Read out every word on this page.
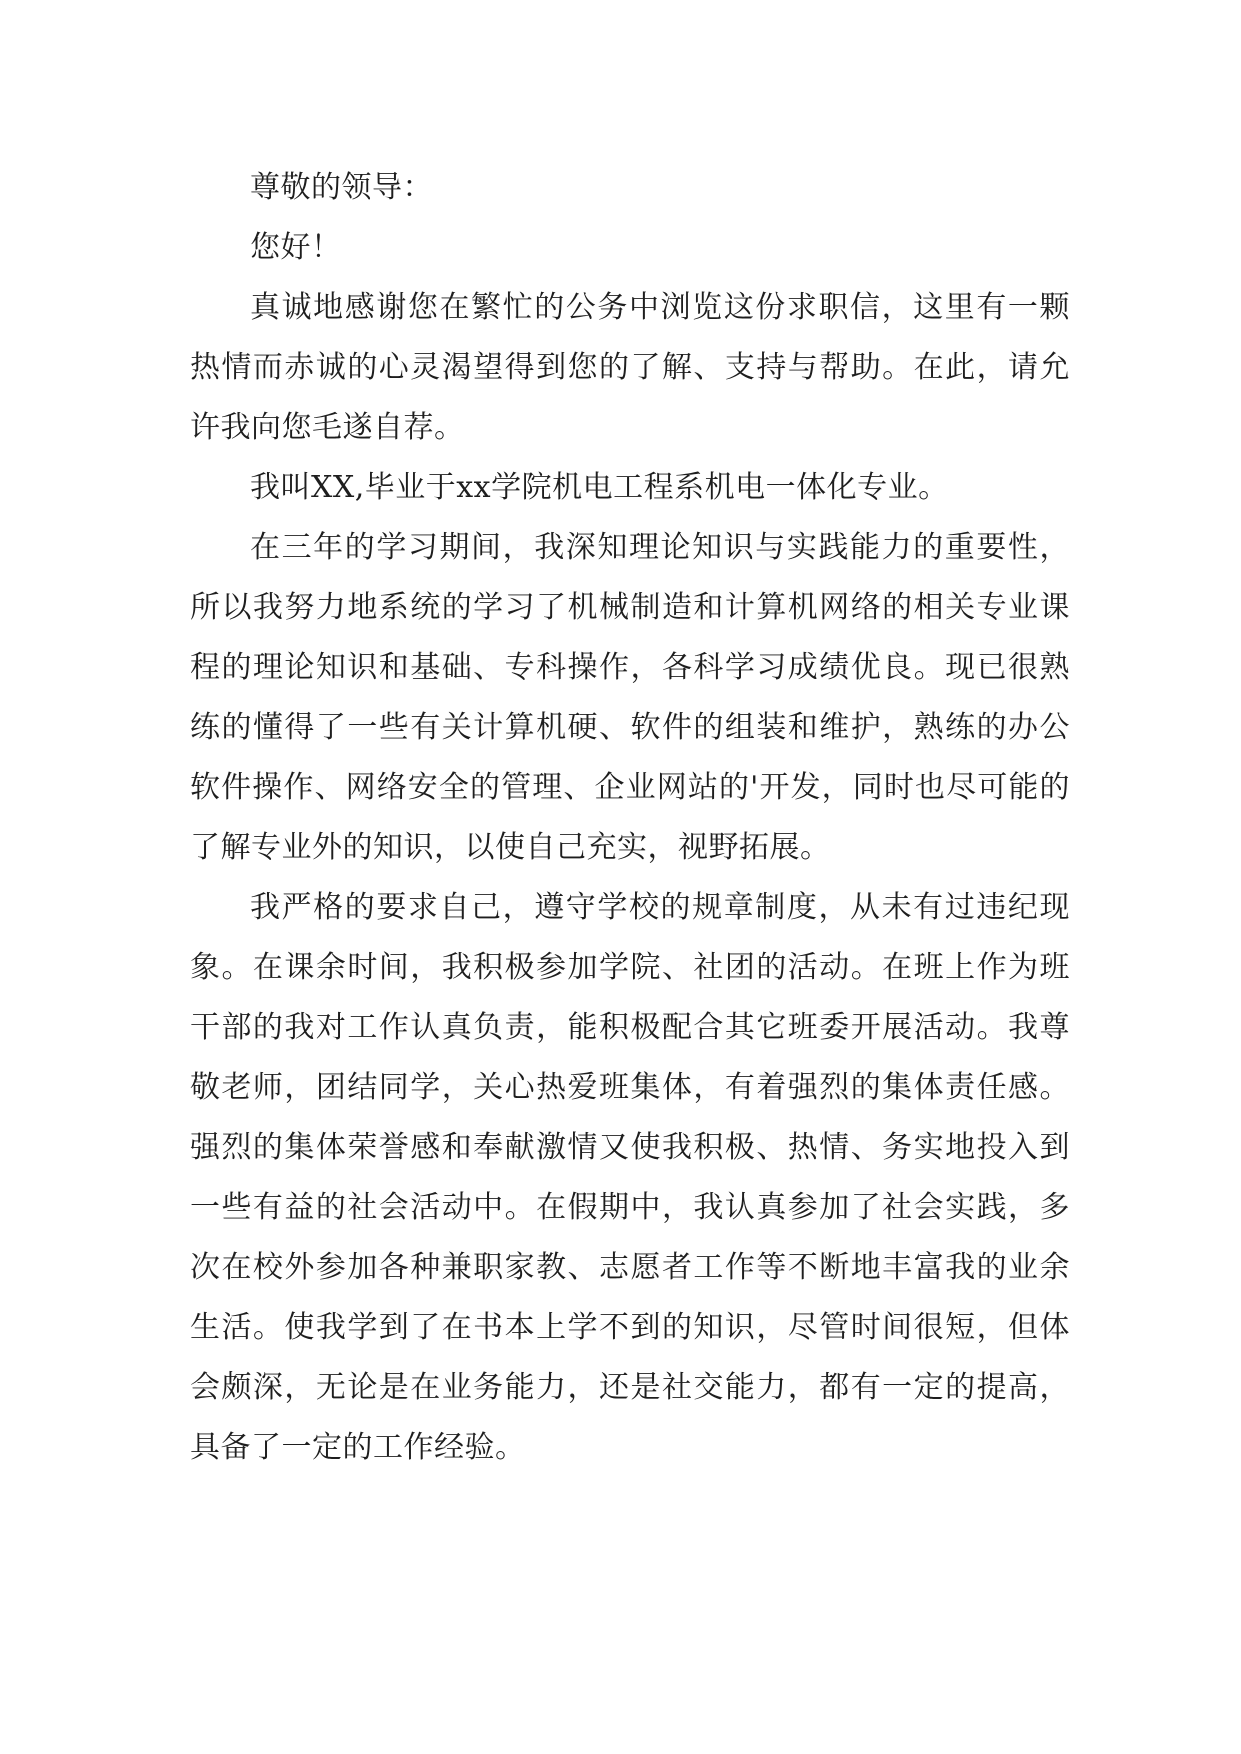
尊敬的领导：

您好！

真诚地感谢您在繁忙的公务中浏览这份求职信，这里有一颗热情而赤诚的心灵渴望得到您的了解、支持与帮助。在此，请允许我向您毛遂自荐。

我叫XX,毕业于xx学院机电工程系机电一体化专业。

在三年的学习期间，我深知理论知识与实践能力的重要性，所以我努力地系统的学习了机械制造和计算机网络的相关专业课程的理论知识和基础、专科操作，各科学习成绩优良。现已很熟练的懂得了一些有关计算机硬、软件的组装和维护，熟练的办公软件操作、网络安全的管理、企业网站的'开发，同时也尽可能的了解专业外的知识，以使自己充实，视野拓展。

我严格的要求自己，遵守学校的规章制度，从未有过违纪现象。在课余时间，我积极参加学院、社团的活动。在班上作为班干部的我对工作认真负责，能积极配合其它班委开展活动。我尊敬老师，团结同学，关心热爱班集体，有着强烈的集体责任感。强烈的集体荣誉感和奉献激情又使我积极、热情、务实地投入到一些有益的社会活动中。在假期中，我认真参加了社会实践，多次在校外参加各种兼职家教、志愿者工作等不断地丰富我的业余生活。使我学到了在书本上学不到的知识，尽管时间很短，但体会颇深，无论是在业务能力，还是社交能力，都有一定的提高，具备了一定的工作经验。
